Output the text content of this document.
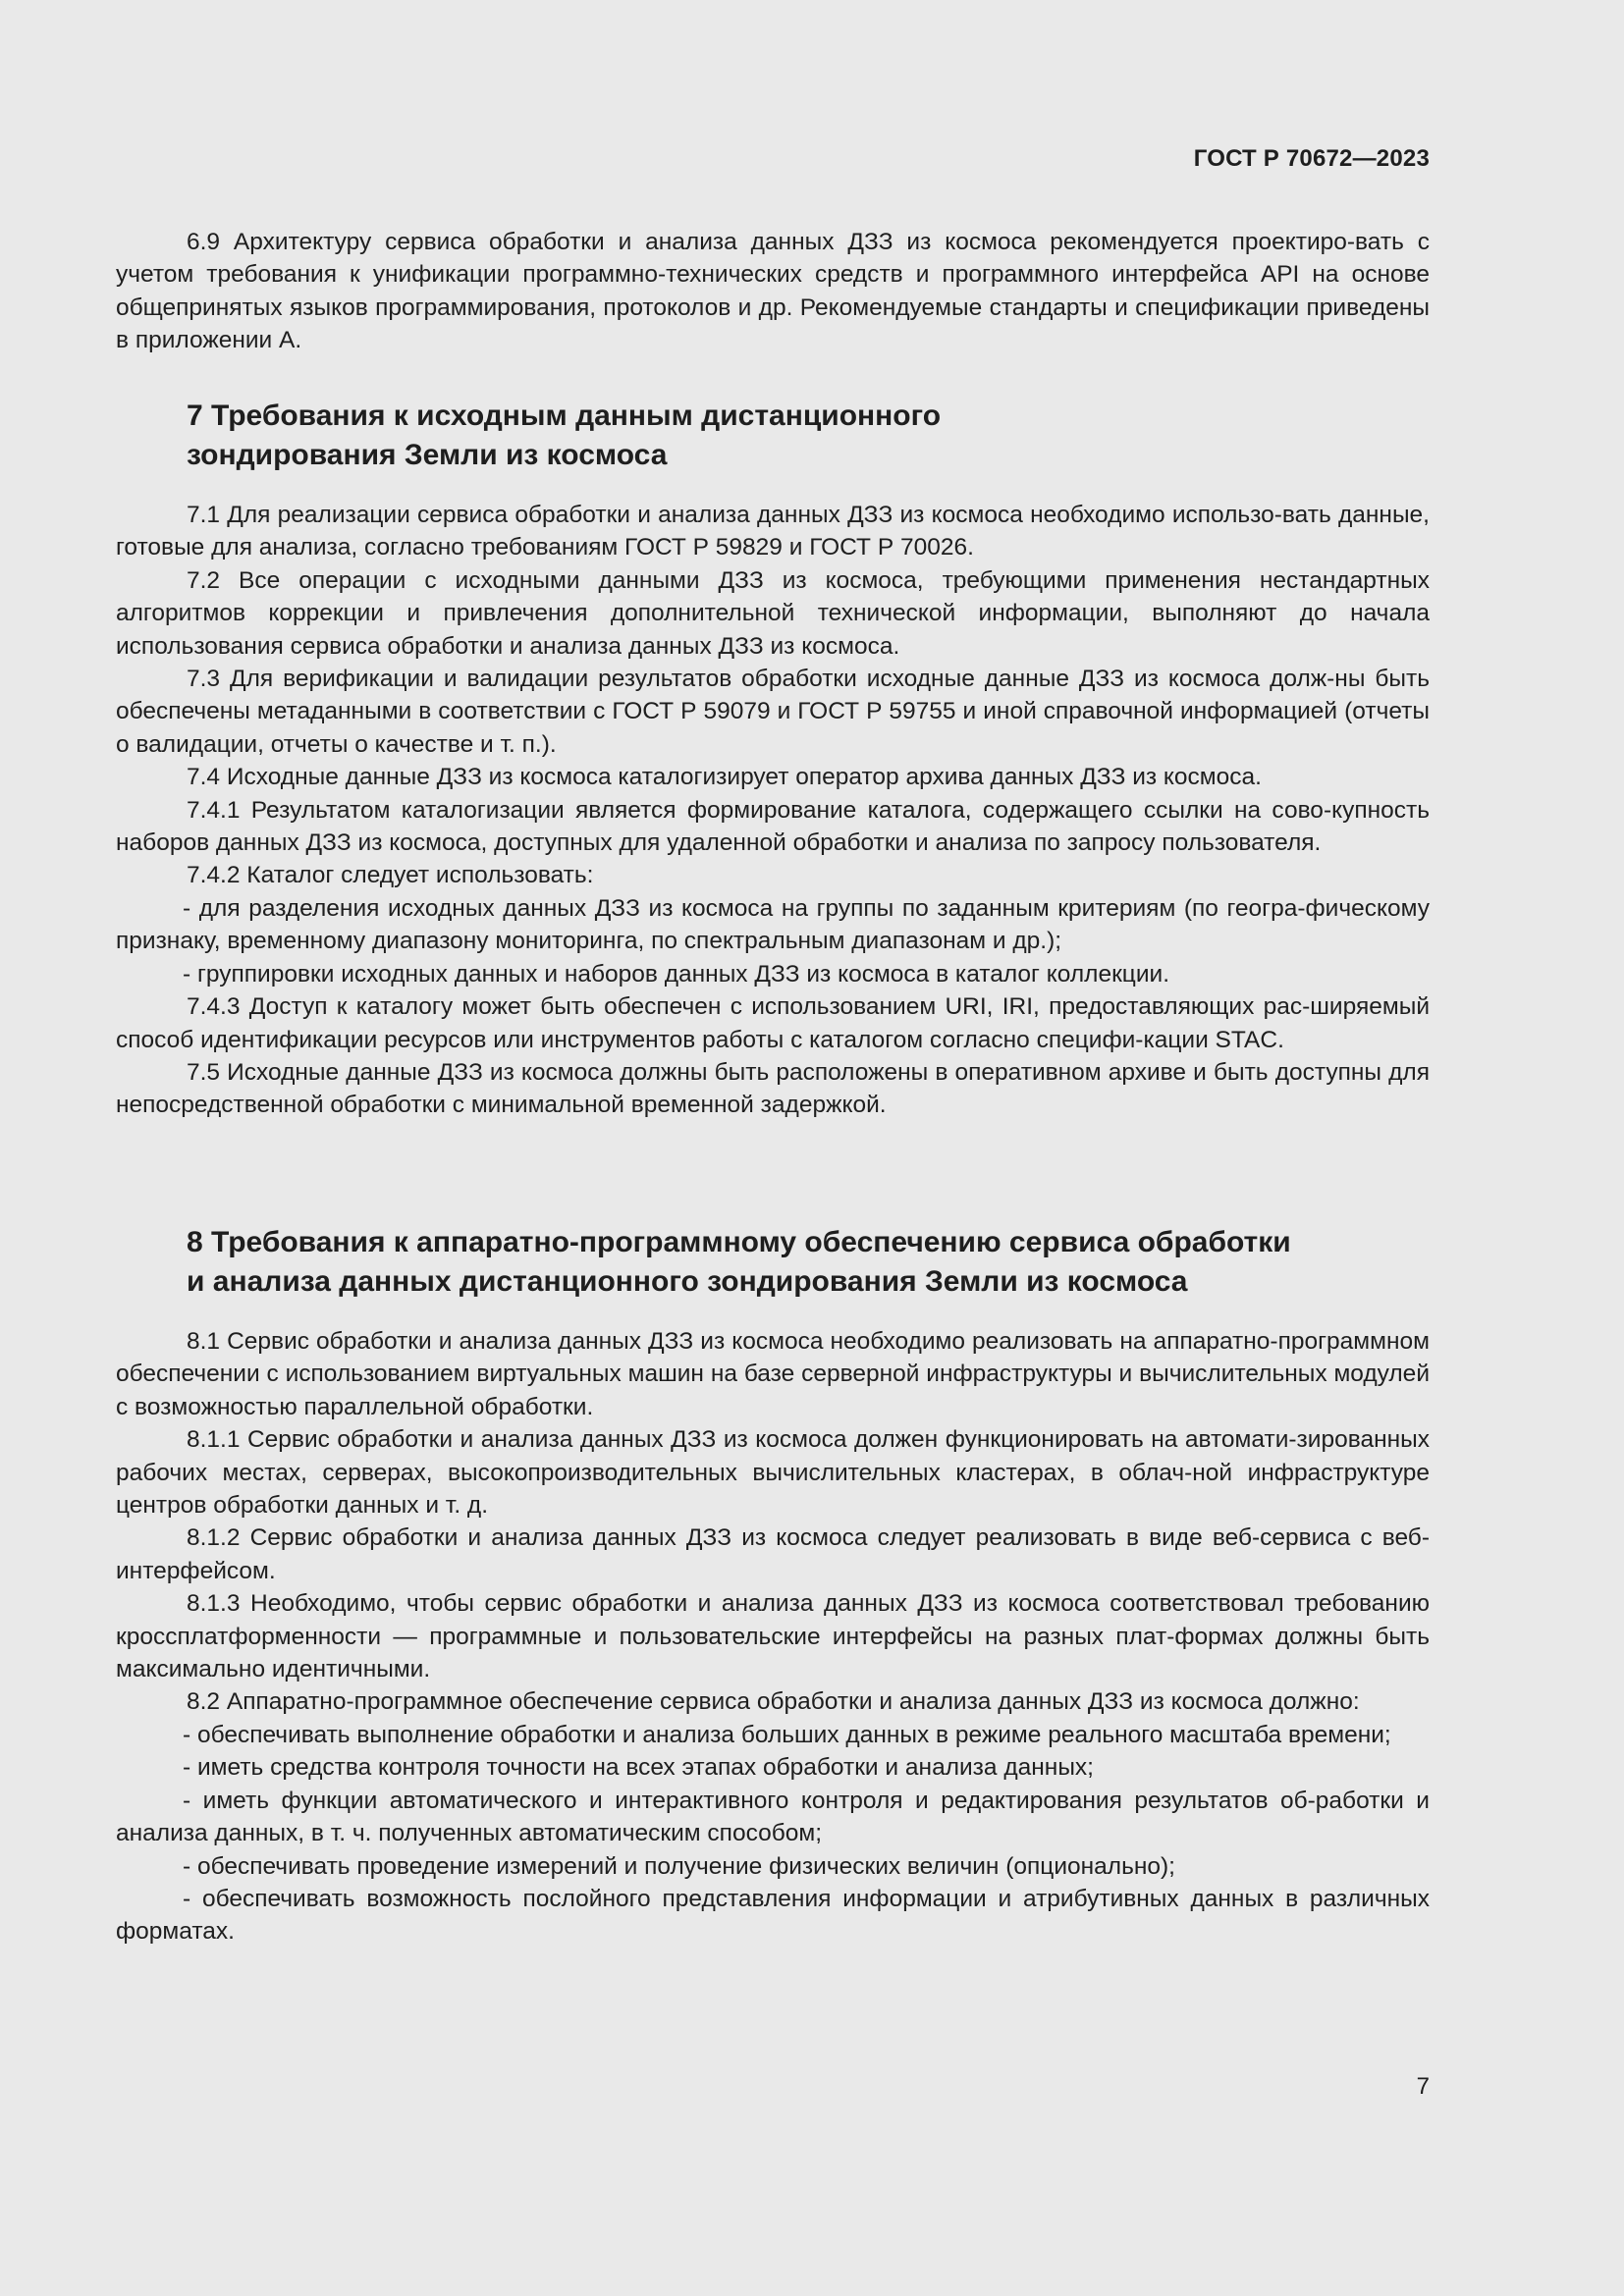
ГОСТ Р 70672—2023

6.9 Архитектуру сервиса обработки и анализа данных ДЗЗ из космоса рекомендуется проектиро-вать с учетом требования к унификации программно-технических средств и программного интерфейса API на основе общепринятых языков программирования, протоколов и др. Рекомендуемые стандарты и спецификации приведены в приложении А.

7 Требования к исходным данным дистанционного

зондирования Земли из космоса

7.1 Для реализации сервиса обработки и анализа данных ДЗЗ из космоса необходимо использо-вать данные, готовые для анализа, согласно требованиям ГОСТ Р 59829 и ГОСТ Р 70026.

7.2 Все операции с исходными данными ДЗЗ из космоса, требующими применения нестандартных алгоритмов коррекции и привлечения дополнительной технической информации, выполняют до начала использования сервиса обработки и анализа данных ДЗЗ из космоса.

7.3 Для верификации и валидации результатов обработки исходные данные ДЗЗ из космоса долж-ны быть обеспечены метаданными в соответствии с ГОСТ Р 59079 и ГОСТ Р 59755 и иной справочной информацией (отчеты о валидации, отчеты о качестве и т. п.).

7.4 Исходные данные ДЗЗ из космоса каталогизирует оператор архива данных ДЗЗ из космоса.

7.4.1 Результатом каталогизации является формирование каталога, содержащего ссылки на сово-купность наборов данных ДЗЗ из космоса, доступных для удаленной обработки и анализа по запросу пользователя.

7.4.2 Каталог следует использовать:

- для разделения исходных данных ДЗЗ из космоса на группы по заданным критериям (по геогра-фическому признаку, временному диапазону мониторинга, по спектральным диапазонам и др.);

- группировки исходных данных и наборов данных ДЗЗ из космоса в каталог коллекции.

7.4.3 Доступ к каталогу может быть обеспечен с использованием URI, IRI, предоставляющих рас-ширяемый способ идентификации ресурсов или инструментов работы с каталогом согласно специфи-кации STAC.

7.5 Исходные данные ДЗЗ из космоса должны быть расположены в оперативном архиве и быть доступны для непосредственной обработки с минимальной временной задержкой.

8 Требования к аппаратно-программному обеспечению сервиса обработки

и анализа данных дистанционного зондирования Земли из космоса

8.1 Сервис обработки и анализа данных ДЗЗ из космоса необходимо реализовать на аппаратно-программном обеспечении с использованием виртуальных машин на базе серверной инфраструктуры и вычислительных модулей с возможностью параллельной обработки.

8.1.1 Сервис обработки и анализа данных ДЗЗ из космоса должен функционировать на автомати-зированных рабочих местах, серверах, высокопроизводительных вычислительных кластерах, в облач-ной инфраструктуре центров обработки данных и т. д.

8.1.2 Сервис обработки и анализа данных ДЗЗ из космоса следует реализовать в виде веб-сервиса с веб-интерфейсом.

8.1.3 Необходимо, чтобы сервис обработки и анализа данных ДЗЗ из космоса соответствовал требованию кроссплатформенности — программные и пользовательские интерфейсы на разных плат-формах должны быть максимально идентичными.

8.2 Аппаратно-программное обеспечение сервиса обработки и анализа данных ДЗЗ из космоса должно:

- обеспечивать выполнение обработки и анализа больших данных в режиме реального масштаба времени;

- иметь средства контроля точности на всех этапах обработки и анализа данных;

- иметь функции автоматического и интерактивного контроля и редактирования результатов об-работки и анализа данных, в т. ч. полученных автоматическим способом;

- обеспечивать проведение измерений и получение физических величин (опционально);

- обеспечивать возможность послойного представления информации и атрибутивных данных в различных форматах.

7
